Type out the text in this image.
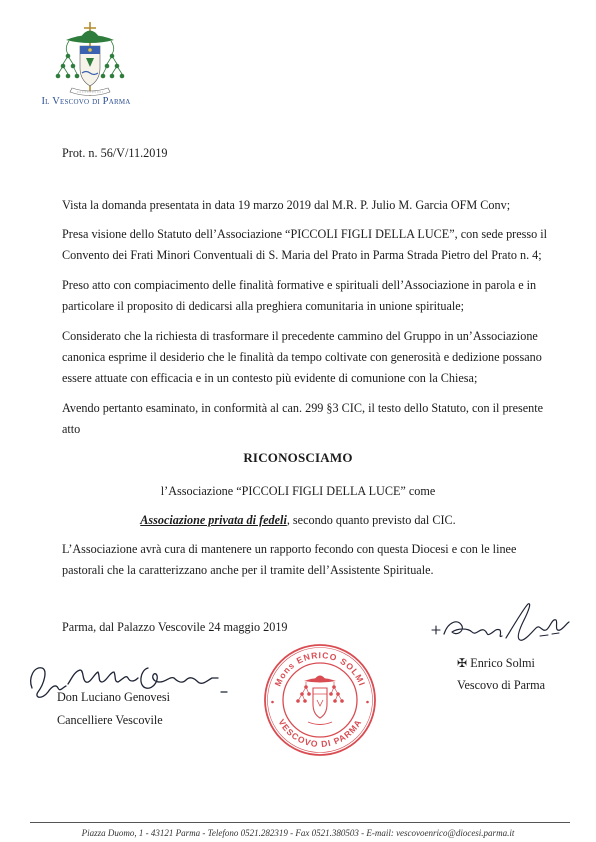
Il Vescovo di Parma
Prot. n. 56/V/11.2019
Vista la domanda presentata in data 19 marzo 2019 dal M.R. P. Julio M. Garcia OFM Conv;
Presa visione dello Statuto dell’Associazione “PICCOLI FIGLI DELLA LUCE”, con sede presso il
Convento dei Frati Minori Conventuali di S. Maria del Prato in Parma Strada Pietro del Prato n. 4;
Preso atto con compiacimento delle finalità formative e spirituali dell’Associazione in parola e in
particolare il proposito di dedicarsi alla preghiera comunitaria in unione spirituale;
Considerato che la richiesta di trasformare il precedente cammino del Gruppo in un’Associazione
canonica esprime il desiderio che le finalità da tempo coltivate con generosità e dedizione possano
essere attuate con efficacia e in un contesto più evidente di comunione con la Chiesa;
Avendo pertanto esaminato, in conformità al can. 299 §3 CIC, il testo dello Statuto, con il presente
atto
RICONOSCIAMO
l’Associazione “PICCOLI FIGLI DELLA LUCE” come
Associazione privata di fedeli, secondo quanto previsto dal CIC.
L’Associazione avrà cura di mantenere un rapporto fecondo con questa Diocesi e con le linee
pastorali che la caratterizzano anche per il tramite dell’Assistente Spirituale.
Parma, dal Palazzo Vescovile 24 maggio 2019
✠ Enrico Solmi
Vescovo di Parma
Don Luciano Genovesi
Cancelliere Vescovile
Mons ENRICO SOLMI
VESCOVO DI PARMA
Piazza Duomo, 1 - 43121 Parma - Telefono 0521.282319 - Fax 0521.380503 - E-mail: vescovoenrico@diocesi.parma.it
